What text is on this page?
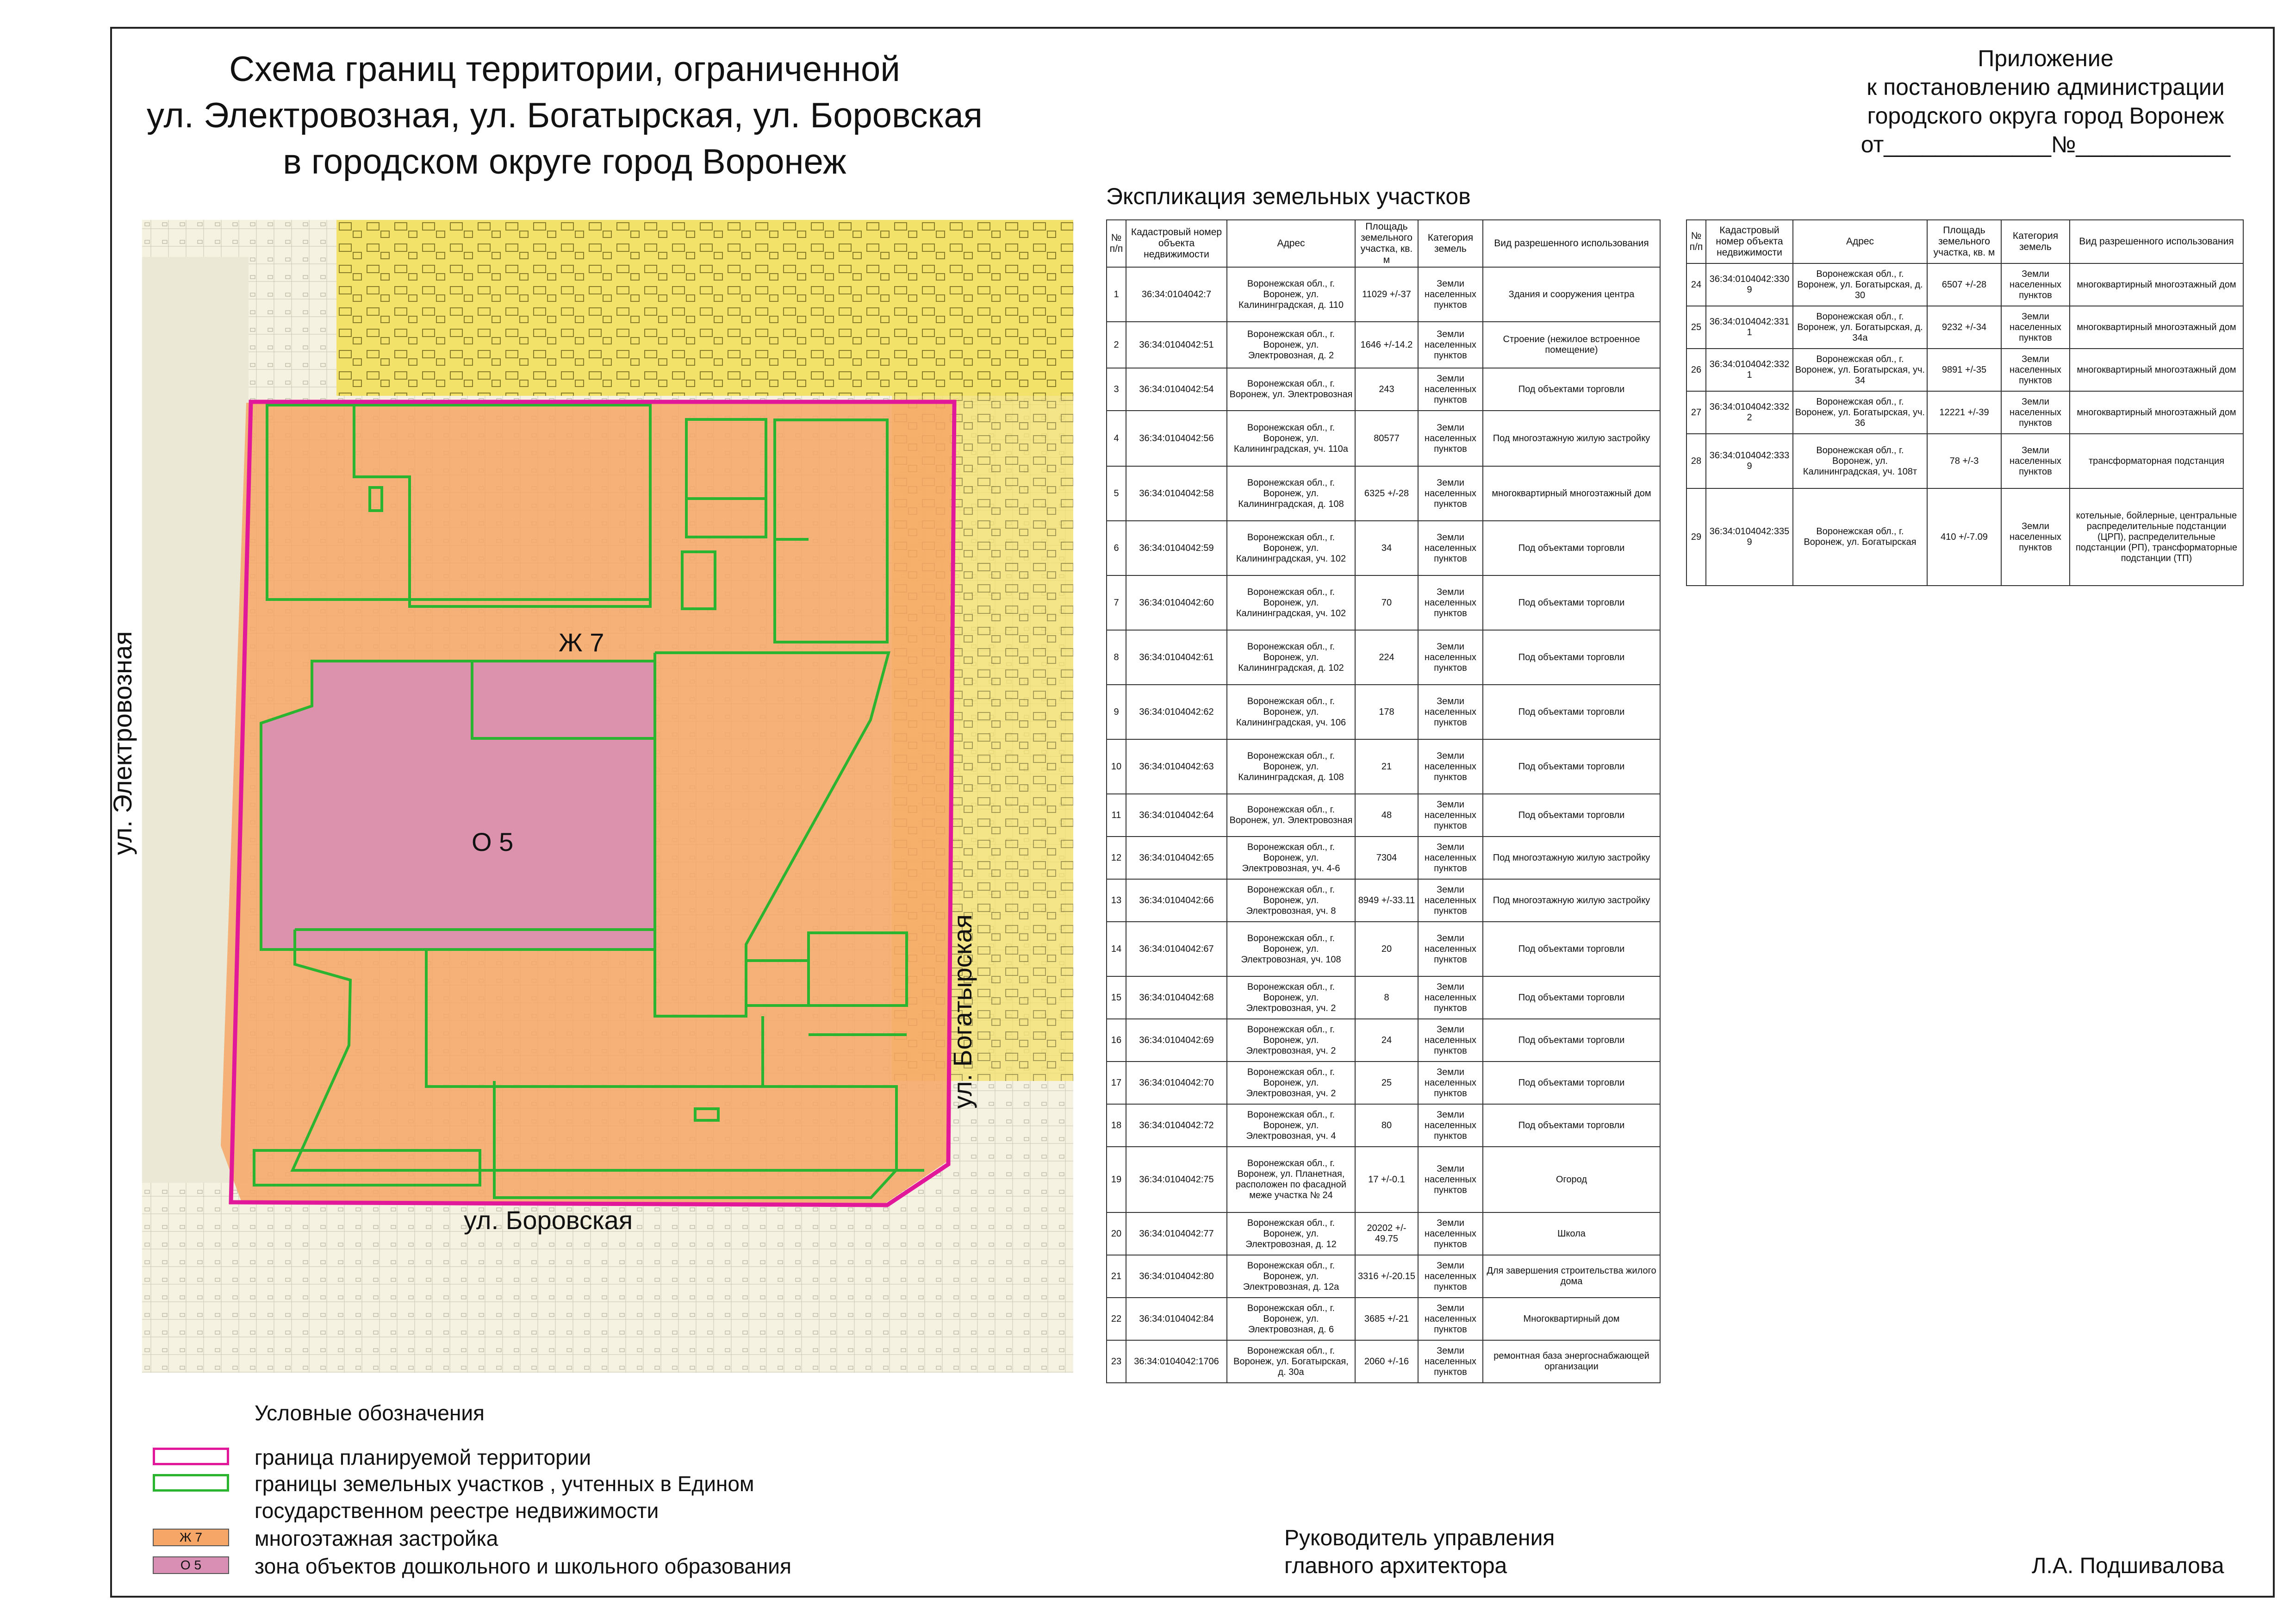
Схема границ территории, ограниченной
ул. Электровозная, ул. Богатырская, ул. Боровская
в городском округе город Воронеж
Приложение
к постановлению администрации
городского округа город Воронеж
от_____________№____________
Экспликация земельных участков
Ж 7
О 5
ул. Электровозная
ул. Богатырская
ул. Боровская
№ п/п	Кадастровый номер объекта недвижимости	Адрес	Площадь земельного участка, кв. м	Категория земель	Вид разрешенного использования
1	36:34:0104042:7	Воронежская обл., г. Воронеж, ул. Калининградская, д. 110	11029 +/-37	Земли населенных пунктов	Здания и сооружения центра
2	36:34:0104042:51	Воронежская обл., г. Воронеж, ул. Электровозная, д. 2	1646 +/-14.2	Земли населенных пунктов	Строение (нежилое встроенное помещение)
3	36:34:0104042:54	Воронежская обл., г. Воронеж, ул. Электровозная	243	Земли населенных пунктов	Под объектами торговли
4	36:34:0104042:56	Воронежская обл., г. Воронеж, ул. Калининградская, уч. 110а	80577	Земли населенных пунктов	Под многоэтажную жилую застройку
5	36:34:0104042:58	Воронежская обл., г. Воронеж, ул. Калининградская, д. 108	6325 +/-28	Земли населенных пунктов	многоквартирный многоэтажный дом
6	36:34:0104042:59	Воронежская обл., г. Воронеж, ул. Калининградская, уч. 102	34	Земли населенных пунктов	Под объектами торговли
7	36:34:0104042:60	Воронежская обл., г. Воронеж, ул. Калининградская, уч. 102	70	Земли населенных пунктов	Под объектами торговли
8	36:34:0104042:61	Воронежская обл., г. Воронеж, ул. Калининградская, д. 102	224	Земли населенных пунктов	Под объектами торговли
9	36:34:0104042:62	Воронежская обл., г. Воронеж, ул. Калининградская, уч. 106	178	Земли населенных пунктов	Под объектами торговли
10	36:34:0104042:63	Воронежская обл., г. Воронеж, ул. Калининградская, д. 108	21	Земли населенных пунктов	Под объектами торговли
11	36:34:0104042:64	Воронежская обл., г. Воронеж, ул. Электровозная	48	Земли населенных пунктов	Под объектами торговли
12	36:34:0104042:65	Воронежская обл., г. Воронеж, ул. Электровозная, уч. 4-6	7304	Земли населенных пунктов	Под многоэтажную жилую застройку
13	36:34:0104042:66	Воронежская обл., г. Воронеж, ул. Электровозная, уч. 8	8949 +/-33.11	Земли населенных пунктов	Под многоэтажную жилую застройку
14	36:34:0104042:67	Воронежская обл., г. Воронеж, ул. Электровозная, уч. 108	20	Земли населенных пунктов	Под объектами торговли
15	36:34:0104042:68	Воронежская обл., г. Воронеж, ул. Электровозная, уч. 2	8	Земли населенных пунктов	Под объектами торговли
16	36:34:0104042:69	Воронежская обл., г. Воронеж, ул. Электровозная, уч. 2	24	Земли населенных пунктов	Под объектами торговли
17	36:34:0104042:70	Воронежская обл., г. Воронеж, ул. Электровозная, уч. 2	25	Земли населенных пунктов	Под объектами торговли
18	36:34:0104042:72	Воронежская обл., г. Воронеж, ул. Электровозная, уч. 4	80	Земли населенных пунктов	Под объектами торговли
19	36:34:0104042:75	Воронежская обл., г. Воронеж, ул. Планетная, расположен по фасадной меже участка № 24	17 +/-0.1	Земли населенных пунктов	Огород
20	36:34:0104042:77	Воронежская обл., г. Воронеж, ул. Электровозная, д. 12	20202 +/- 49.75	Земли населенных пунктов	Школа
21	36:34:0104042:80	Воронежская обл., г. Воронеж, ул. Электровозная, д. 12а	3316 +/-20.15	Земли населенных пунктов	Для завершения строительства жилого дома
22	36:34:0104042:84	Воронежская обл., г. Воронеж, ул. Электровозная, д. 6	3685 +/-21	Земли населенных пунктов	Многоквартирный дом
23	36:34:0104042:1706	Воронежская обл., г. Воронеж, ул. Богатырская, д. 30а	2060 +/-16	Земли населенных пунктов	ремонтная база энергоснабжающей организации
№ п/п	Кадастровый номер объекта недвижимости	Адрес	Площадь земельного участка, кв. м	Категория земель	Вид разрешенного использования
24	36:34:0104042:3309	Воронежская обл., г. Воронеж, ул. Богатырская, д. 30	6507 +/-28	Земли населенных пунктов	многоквартирный многоэтажный дом
25	36:34:0104042:3311	Воронежская обл., г. Воронеж, ул. Богатырская, д. 34а	9232 +/-34	Земли населенных пунктов	многоквартирный многоэтажный дом
26	36:34:0104042:3321	Воронежская обл., г. Воронеж, ул. Богатырская, уч. 34	9891 +/-35	Земли населенных пунктов	многоквартирный многоэтажный дом
27	36:34:0104042:3322	Воронежская обл., г. Воронеж, ул. Богатырская, уч. 36	12221 +/-39	Земли населенных пунктов	многоквартирный многоэтажный дом
28	36:34:0104042:3339	Воронежская обл., г. Воронеж, ул. Калининградская, уч. 108т	78 +/-3	Земли населенных пунктов	трансформаторная подстанция
29	36:34:0104042:3359	Воронежская обл., г. Воронеж, ул. Богатырская	410 +/-7.09	Земли населенных пунктов	котельные, бойлерные, центральные распределительные подстанции (ЦРП), распределительные подстанции (РП), трансформаторные подстанции (ТП)
Условные обозначения
граница планируемой территории
границы земельных участков , учтенных в Едином
государственном реестре недвижимости
Ж 7	многоэтажная застройка
О 5	зона объектов дошкольного и школьного образования
Руководитель управления
главного архитектора	Л.А. Подшивалова
